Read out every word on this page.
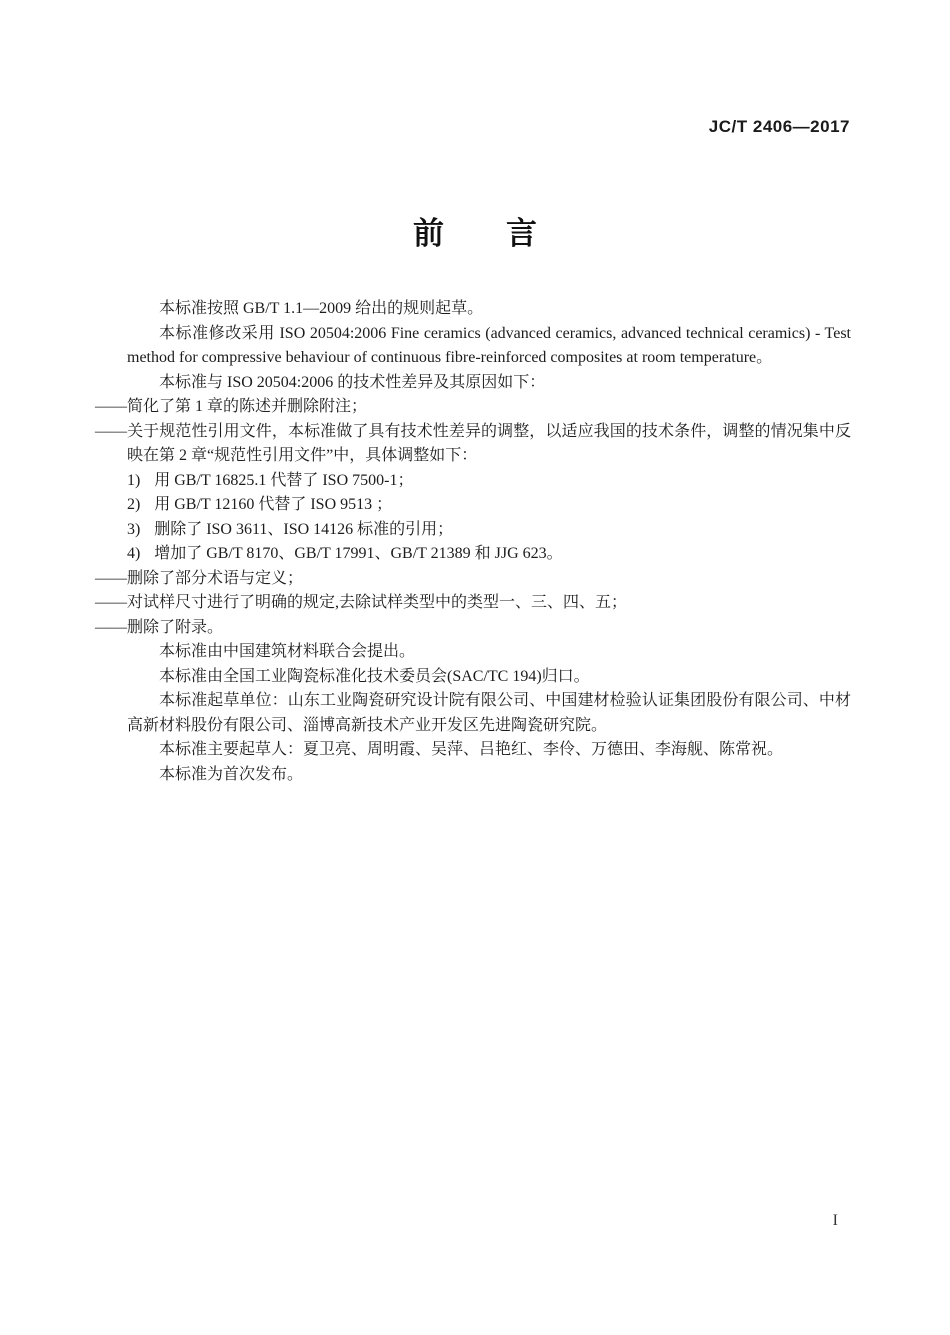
JC/T 2406—2017
前　　言

本标准按照 GB/T 1.1—2009 给出的规则起草。

本标准修改采用 ISO 20504:2006 Fine ceramics (advanced ceramics, advanced technical ceramics) - Test method for compressive behaviour of continuous fibre-reinforced composites at room temperature。

本标准与 ISO 20504:2006 的技术性差异及其原因如下：

——简化了第 1 章的陈述并删除附注；

——关于规范性引用文件，本标准做了具有技术性差异的调整，以适应我国的技术条件，调整的情况集中反映在第 2 章“规范性引用文件”中，具体调整如下：

1) 用 GB/T 16825.1 代替了 ISO 7500-1；

2) 用 GB/T 12160 代替了 ISO 9513 ；

3) 删除了 ISO 3611、ISO 14126 标准的引用；

4) 增加了 GB/T 8170、GB/T 17991、GB/T 21389 和 JJG 623。

——删除了部分术语与定义；

——对试样尺寸进行了明确的规定,去除试样类型中的类型一、三、四、五；

——删除了附录。

本标准由中国建筑材料联合会提出。

本标准由全国工业陶瓷标准化技术委员会(SAC/TC 194)归口。

本标准起草单位：山东工业陶瓷研究设计院有限公司、中国建材检验认证集团股份有限公司、中材高新材料股份有限公司、淄博高新技术产业开发区先进陶瓷研究院。

本标准主要起草人：夏卫亮、周明霞、吴萍、吕艳红、李伶、万德田、李海舰、陈常祝。

本标准为首次发布。

I
